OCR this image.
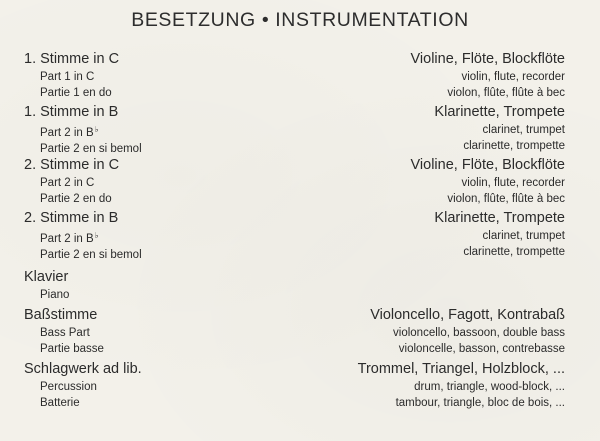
BESETZUNG • INSTRUMENTATION
1. Stimme in C
Part 1 in C
Partie 1 en do
Violine, Flöte, Blockflöte
violin, flute, recorder
violon, flûte, flûte à bec
1. Stimme in B
Part 2 in B♭
Partie 2 en si bemol
Klarinette, Trompete
clarinet, trumpet
clarinette, trompette
2. Stimme in C
Part 2 in C
Partie 2 en do
Violine, Flöte, Blockflöte
violin, flute, recorder
violon, flûte, flûte à bec
2. Stimme in B
Part 2 in B♭
Partie 2 en si bemol
Klarinette, Trompete
clarinet, trumpet
clarinette, trompette
Klavier
Piano
Baßstimme
Bass Part
Partie basse
Violoncello, Fagott, Kontrabaß
violoncello, bassoon, double bass
violoncelle, basson, contrebasse
Schlagwerk ad lib.
Percussion
Batterie
Trommel, Triangel, Holzblock, ...
drum, triangle, wood-block, ...
tambour, triangle, bloc de bois, ...
